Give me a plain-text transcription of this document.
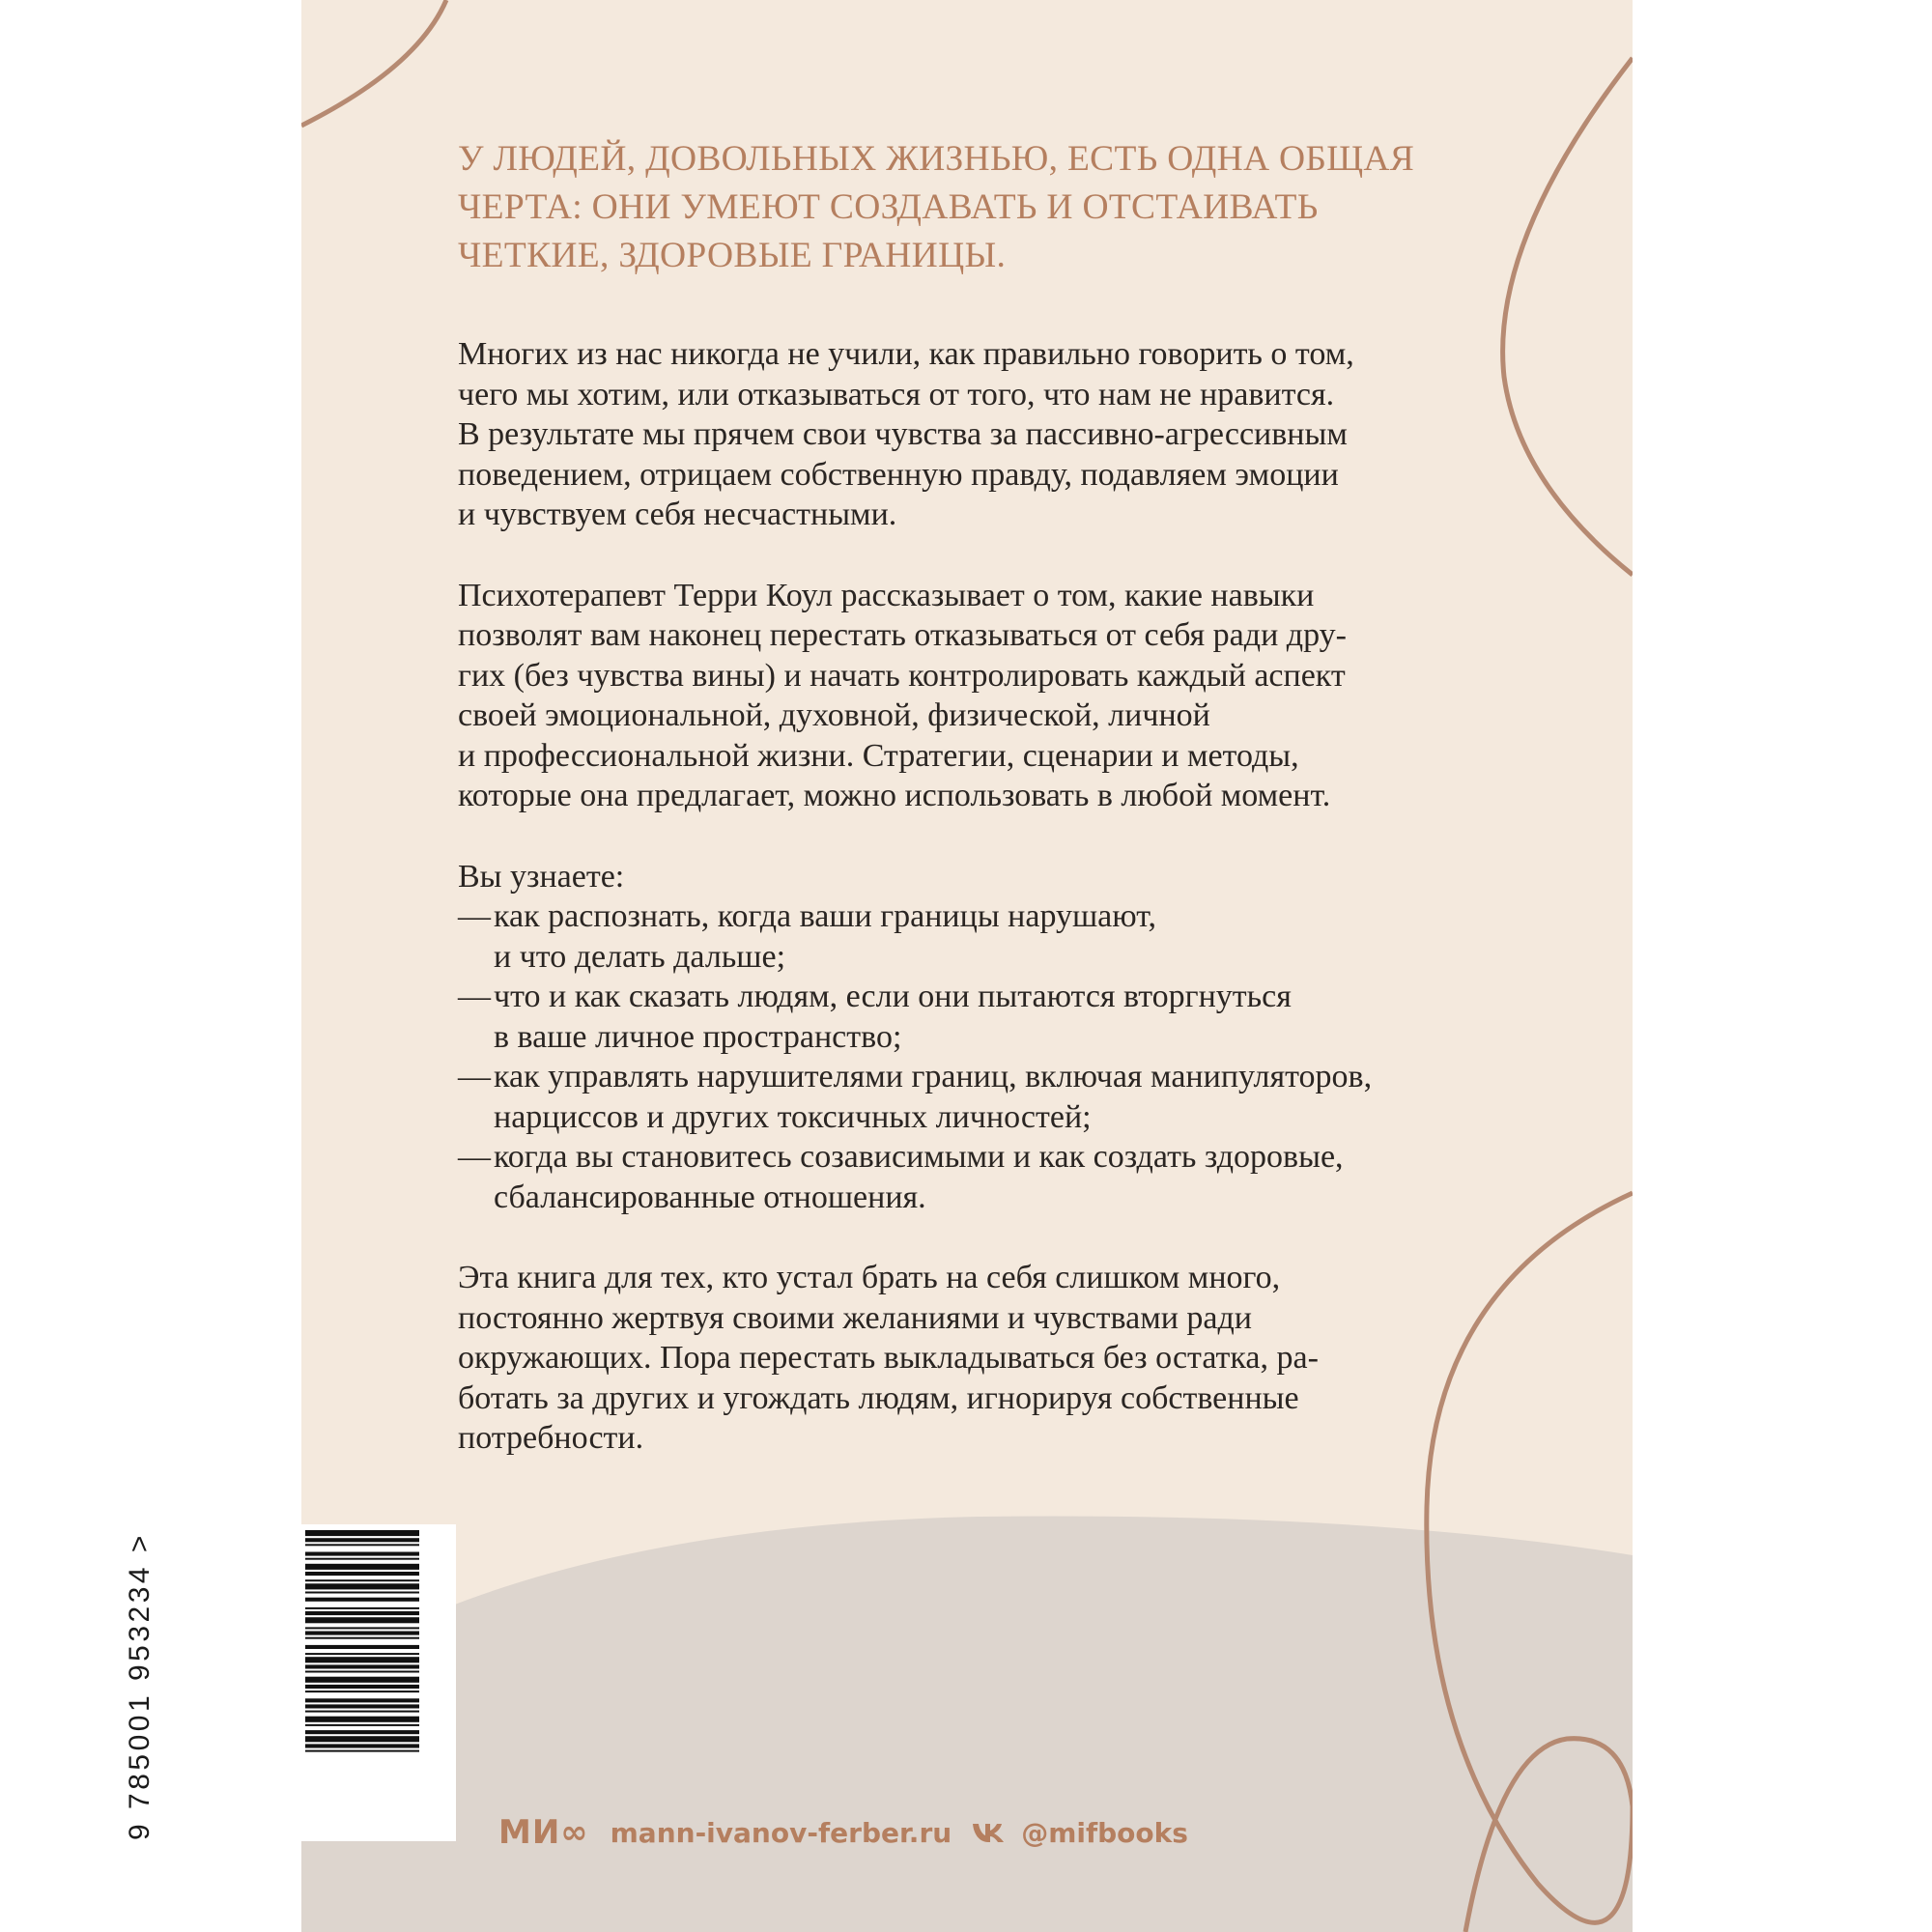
У ЛЮДЕЙ, ДОВОЛЬНЫХ ЖИЗНЬЮ, ЕСТЬ ОДНА ОБЩАЯ
ЧЕРТА: ОНИ УМЕЮТ СОЗДАВАТЬ И ОТСТАИВАТЬ
ЧЕТКИЕ, ЗДОРОВЫЕ ГРАНИЦЫ.

Многих из нас никогда не учили, как правильно говорить о том,
чего мы хотим, или отказываться от того, что нам не нравится.
В результате мы прячем свои чувства за пассивно-агрессивным
поведением, отрицаем собственную правду, подавляем эмоции
и чувствуем себя несчастными.

Психотерапевт Терри Коул рассказывает о том, какие навыки
позволят вам наконец перестать отказываться от себя ради дру-
гих (без чувства вины) и начать контролировать каждый аспект
своей эмоциональной, духовной, физической, личной
и профессиональной жизни. Стратегии, сценарии и методы,
которые она предлагает, можно использовать в любой момент.

Вы узнаете:

— как распознать, когда ваши границы нарушают,
и что делать дальше;
— что и как сказать людям, если они пытаются вторгнуться
в ваше личное пространство;
— как управлять нарушителями границ, включая манипуляторов,
нарциссов и других токсичных личностей;
— когда вы становитесь созависимыми и как создать здоровые,
сбалансированные отношения.

Эта книга для тех, кто устал брать на себя слишком много,
постоянно жертвуя своими желаниями и чувствами ради
окружающих. Пора перестать выкладываться без остатка, ра-
ботать за других и угождать людям, игнорируя собственные
потребности.

МИ∞ mann-ivanov-ferber.ru	@mifbooks
9 785001 953234 >
